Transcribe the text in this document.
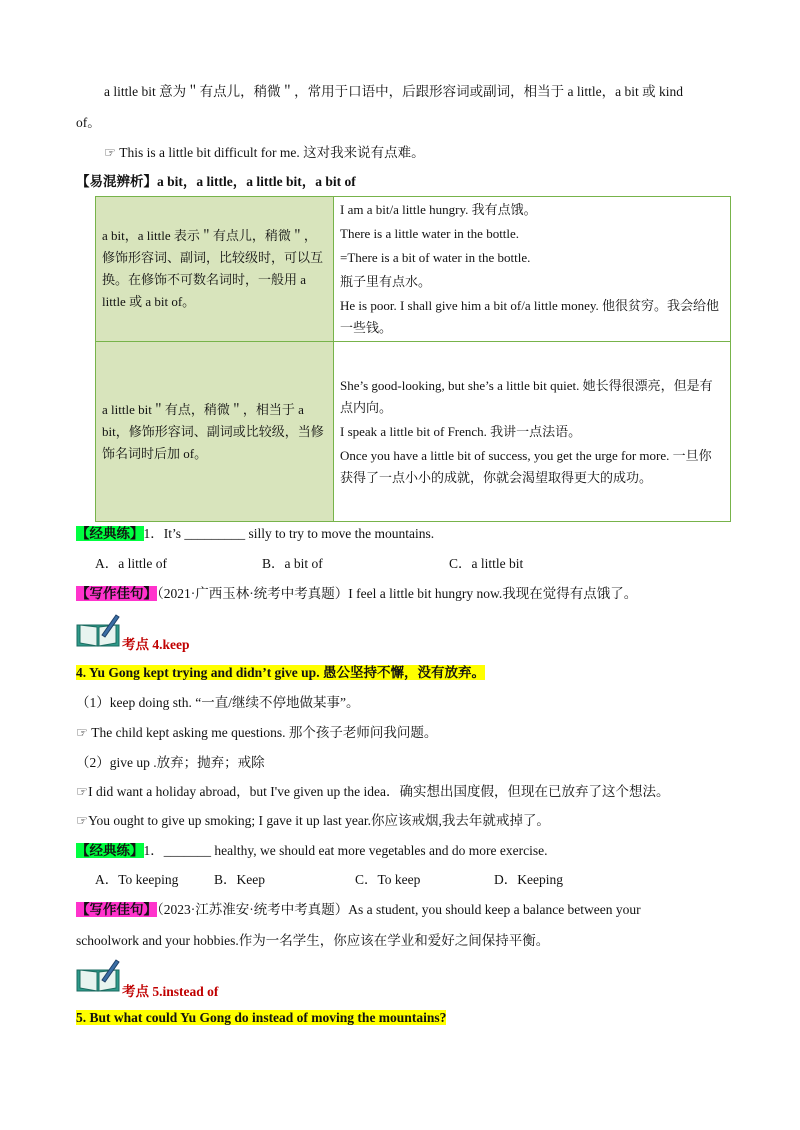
a little bit 意为＂有点儿，稍微＂，常用于口语中，后跟形容词或副词，相当于 a little，a bit 或 kind
of。
☞ This is a little bit difficult for me. 这对我来说有点难。
【易混辨析】a bit，a little，a little bit，a bit of
a bit，a little 表示＂有点儿，稍微＂，修饰形容词、副词，比较级时，可以互换。在修饰不可数名词时，一般用 a little 或 a bit of。	I am a bit/a little hungry. 我有点饿。

There is a little water in the bottle.

=There is a bit of water in the bottle.

瓶子里有点水。

He is poor. I shall give him a bit of/a little money. 他很贫穷。我会给他一些钱。

a little bit＂有点，稍微＂，相当于 a bit，修饰形容词、副词或比较级，当修饰名词时后加 of。	She’s good-looking, but she’s a little bit quiet. 她长得很漂亮，但是有点内向。

I speak a little bit of French. 我讲一点法语。

Once you have a little bit of success, you get the urge for more. 一旦你获得了一点小小的成就，你就会渴望取得更大的成功。

【经典练】1．It’s _________ silly to try to move the mountains.
A．a little of	B．a bit of	C．a little bit
【写作佳句】（2021·广西玉林·统考中考真题）I feel a little bit hungry now.我现在觉得有点饿了。
考点 4.keep
4. Yu Gong kept trying and didn’t give up. 愚公坚持不懈，没有放弃。
（1）keep doing sth. “一直/继续不停地做某事”。
☞ The child kept asking me questions. 那个孩子老师问我问题。
（2）give up .放弃；抛弃；戒除
☞I did want a holiday abroad，but I've given up the idea．确实想出国度假，但现在已放弃了这个想法。
☞You ought to give up smoking; I gave it up last year.你应该戒烟,我去年就戒掉了。
【经典练】1．_______ healthy, we should eat more vegetables and do more exercise.
A．To keeping	B．Keep	C．To keep	D．Keeping
【写作佳句】（2023·江苏淮安·统考中考真题）As a student, you should keep a balance between your
schoolwork and your hobbies.作为一名学生，你应该在学业和爱好之间保持平衡。
考点 5.instead of
5. But what could Yu Gong do instead of moving the mountains?
